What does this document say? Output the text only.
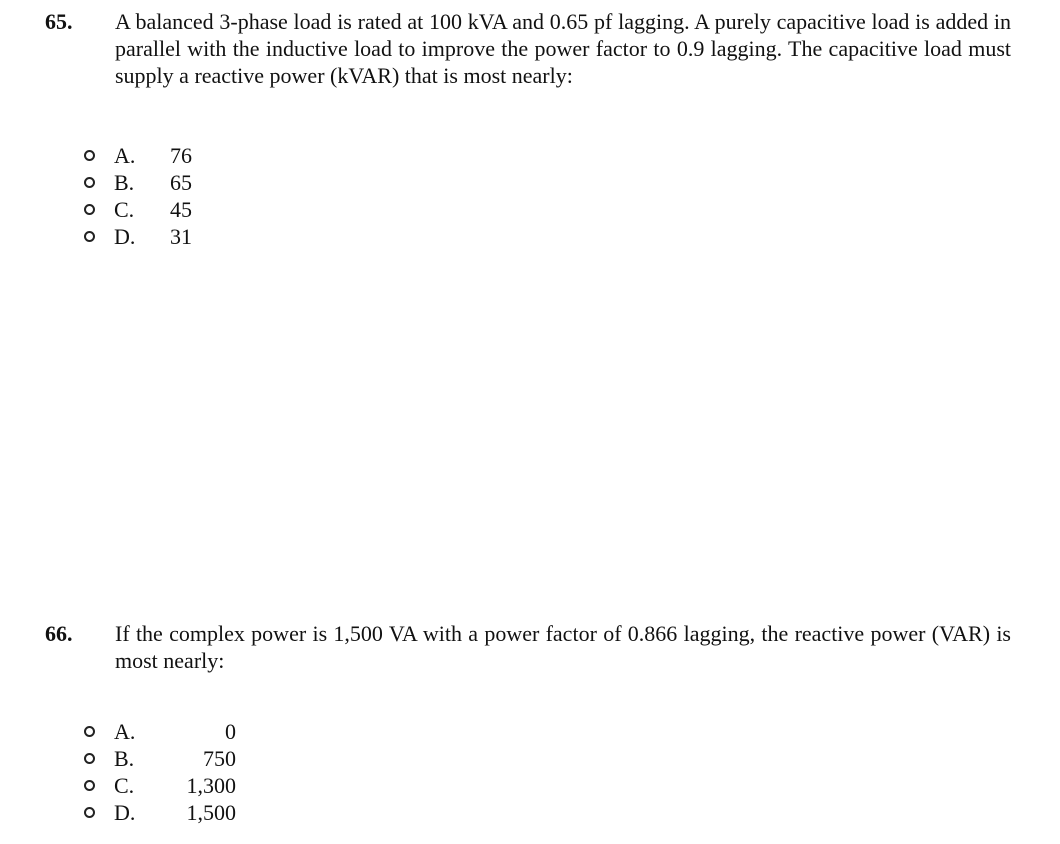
65. A balanced 3-phase load is rated at 100 kVA and 0.65 pf lagging. A purely capacitive load is added in parallel with the inductive load to improve the power factor to 0.9 lagging. The capacitive load must supply a reactive power (kVAR) that is most nearly:

A. 76
B. 65
C. 45
D. 31
66. If the complex power is 1,500 VA with a power factor of 0.866 lagging, the reactive power (VAR) is most nearly:

A.	0
B.	750
C.	1,300
D.	1,500
